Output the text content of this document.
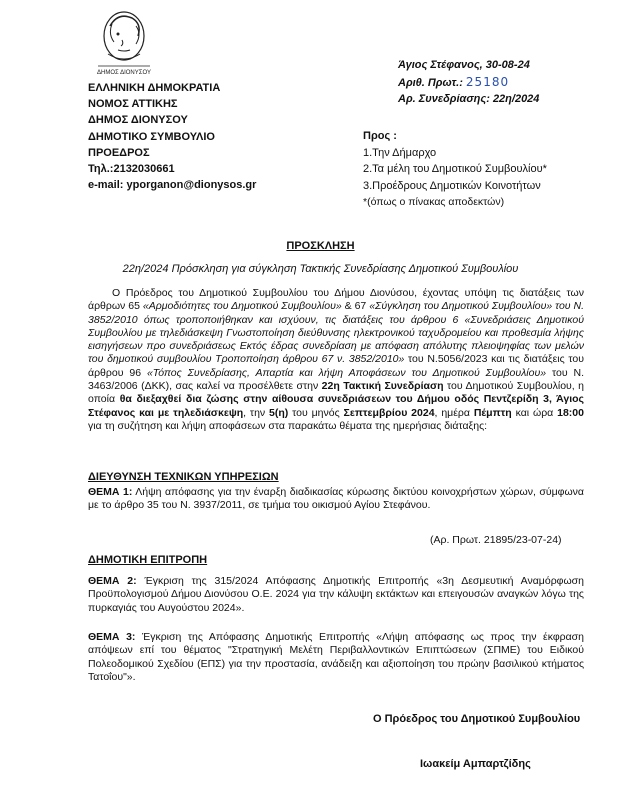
ΔΗΜΟΣ ΔΙΟΝΥΣΟΥ
ΕΛΛΗΝΙΚΗ ΔΗΜΟΚΡΑΤΙΑ
ΝΟΜΟΣ ΑΤΤΙΚΗΣ
ΔΗΜΟΣ ΔΙΟΝΥΣΟΥ
ΔΗΜΟΤΙΚΟ ΣΥΜΒΟΥΛΙΟ
ΠΡΟΕΔΡΟΣ
Τηλ.:2132030661
e-mail: yporganon@dionysos.gr
Άγιος Στέφανος, 30-08-24
Αριθ. Πρωτ.: 25180
Αρ. Συνεδρίασης: 22η/2024
Προς :
1.Την Δήμαρχο
2.Τα μέλη του Δημοτικού Συμβουλίου*
3.Προέδρους Δημοτικών Κοινοτήτων
*(όπως ο πίνακας αποδεκτών)
ΠΡΟΣΚΛΗΣΗ
22η/2024 Πρόσκληση για σύγκληση Τακτικής Συνεδρίασης Δημοτικού Συμβουλίου
Ο Πρόεδρος του Δημοτικού Συμβουλίου του Δήμου Διονύσου, έχοντας υπόψη τις διατάξεις των άρθρων 65 «Αρμοδιότητες του Δημοτικού Συμβουλίου» & 67 «Σύγκληση του Δημοτικού Συμβουλίου» του Ν. 3852/2010 όπως τροποποιήθηκαν και ισχύουν, τις διατάξεις του άρθρου 6 «Συνεδριάσεις Δημοτικού Συμβουλίου με τηλεδιάσκεψη Γνωστοποίηση διεύθυνσης ηλεκτρονικού ταχυδρομείου και προθεσμία λήψης εισηγήσεων προ συνεδριάσεως Εκτός έδρας συνεδρίαση με απόφαση απόλυτης πλειοψηφίας των μελών του δημοτικού συμβουλίου Τροποποίηση άρθρου 67 ν. 3852/2010» του Ν.5056/2023 και τις διατάξεις του άρθρου 96 «Τόπος Συνεδρίασης, Απαρτία και λήψη Αποφάσεων του Δημοτικού Συμβουλίου» του Ν. 3463/2006 (ΔΚΚ), σας καλεί να προσέλθετε στην 22η Τακτική Συνεδρίαση του Δημοτικού Συμβουλίου, η οποία θα διεξαχθεί δια ζώσης στην αίθουσα συνεδριάσεων του Δήμου οδός Πεντζερίδη 3, Άγιος Στέφανος και με τηλεδιάσκεψη, την 5(η) του μηνός Σεπτεμβρίου 2024, ημέρα Πέμπτη και ώρα 18:00 για τη συζήτηση και λήψη αποφάσεων στα παρακάτω θέματα της ημερήσιας διάταξης:
ΔΙΕΥΘΥΝΣΗ ΤΕΧΝΙΚΩΝ ΥΠΗΡΕΣΙΩΝ
ΘΕΜΑ 1: Λήψη απόφασης για την έναρξη διαδικασίας κύρωσης δικτύου κοινοχρήστων χώρων, σύμφωνα με το άρθρο 35 του Ν. 3937/2011, σε τμήμα του οικισμού Αγίου Στεφάνου.
(Αρ. Πρωτ. 21895/23-07-24)
ΔΗΜΟΤΙΚΗ ΕΠΙΤΡΟΠΗ
ΘΕΜΑ 2: Έγκριση της 315/2024 Απόφασης Δημοτικής Επιτροπής «3η Δεσμευτική Αναμόρφωση Προϋπολογισμού Δήμου Διονύσου Ο.Ε. 2024 για την κάλυψη εκτάκτων και επειγουσών αναγκών λόγω της πυρκαγιάς του Αυγούστου 2024».
ΘΕΜΑ 3: Έγκριση της Απόφασης Δημοτικής Επιτροπής «Λήψη απόφασης ως προς την έκφραση απόψεων επί του θέματος "Στρατηγική Μελέτη Περιβαλλοντικών Επιπτώσεων (ΣΠΜΕ) του Ειδικού Πολεοδομικού Σχεδίου (ΕΠΣ) για την προστασία, ανάδειξη και αξιοποίηση του πρώην βασιλικού κτήματος Τατοΐου"».
Ο Πρόεδρος του Δημοτικού Συμβουλίου
Ιωακείμ Αμπαρτζίδης
